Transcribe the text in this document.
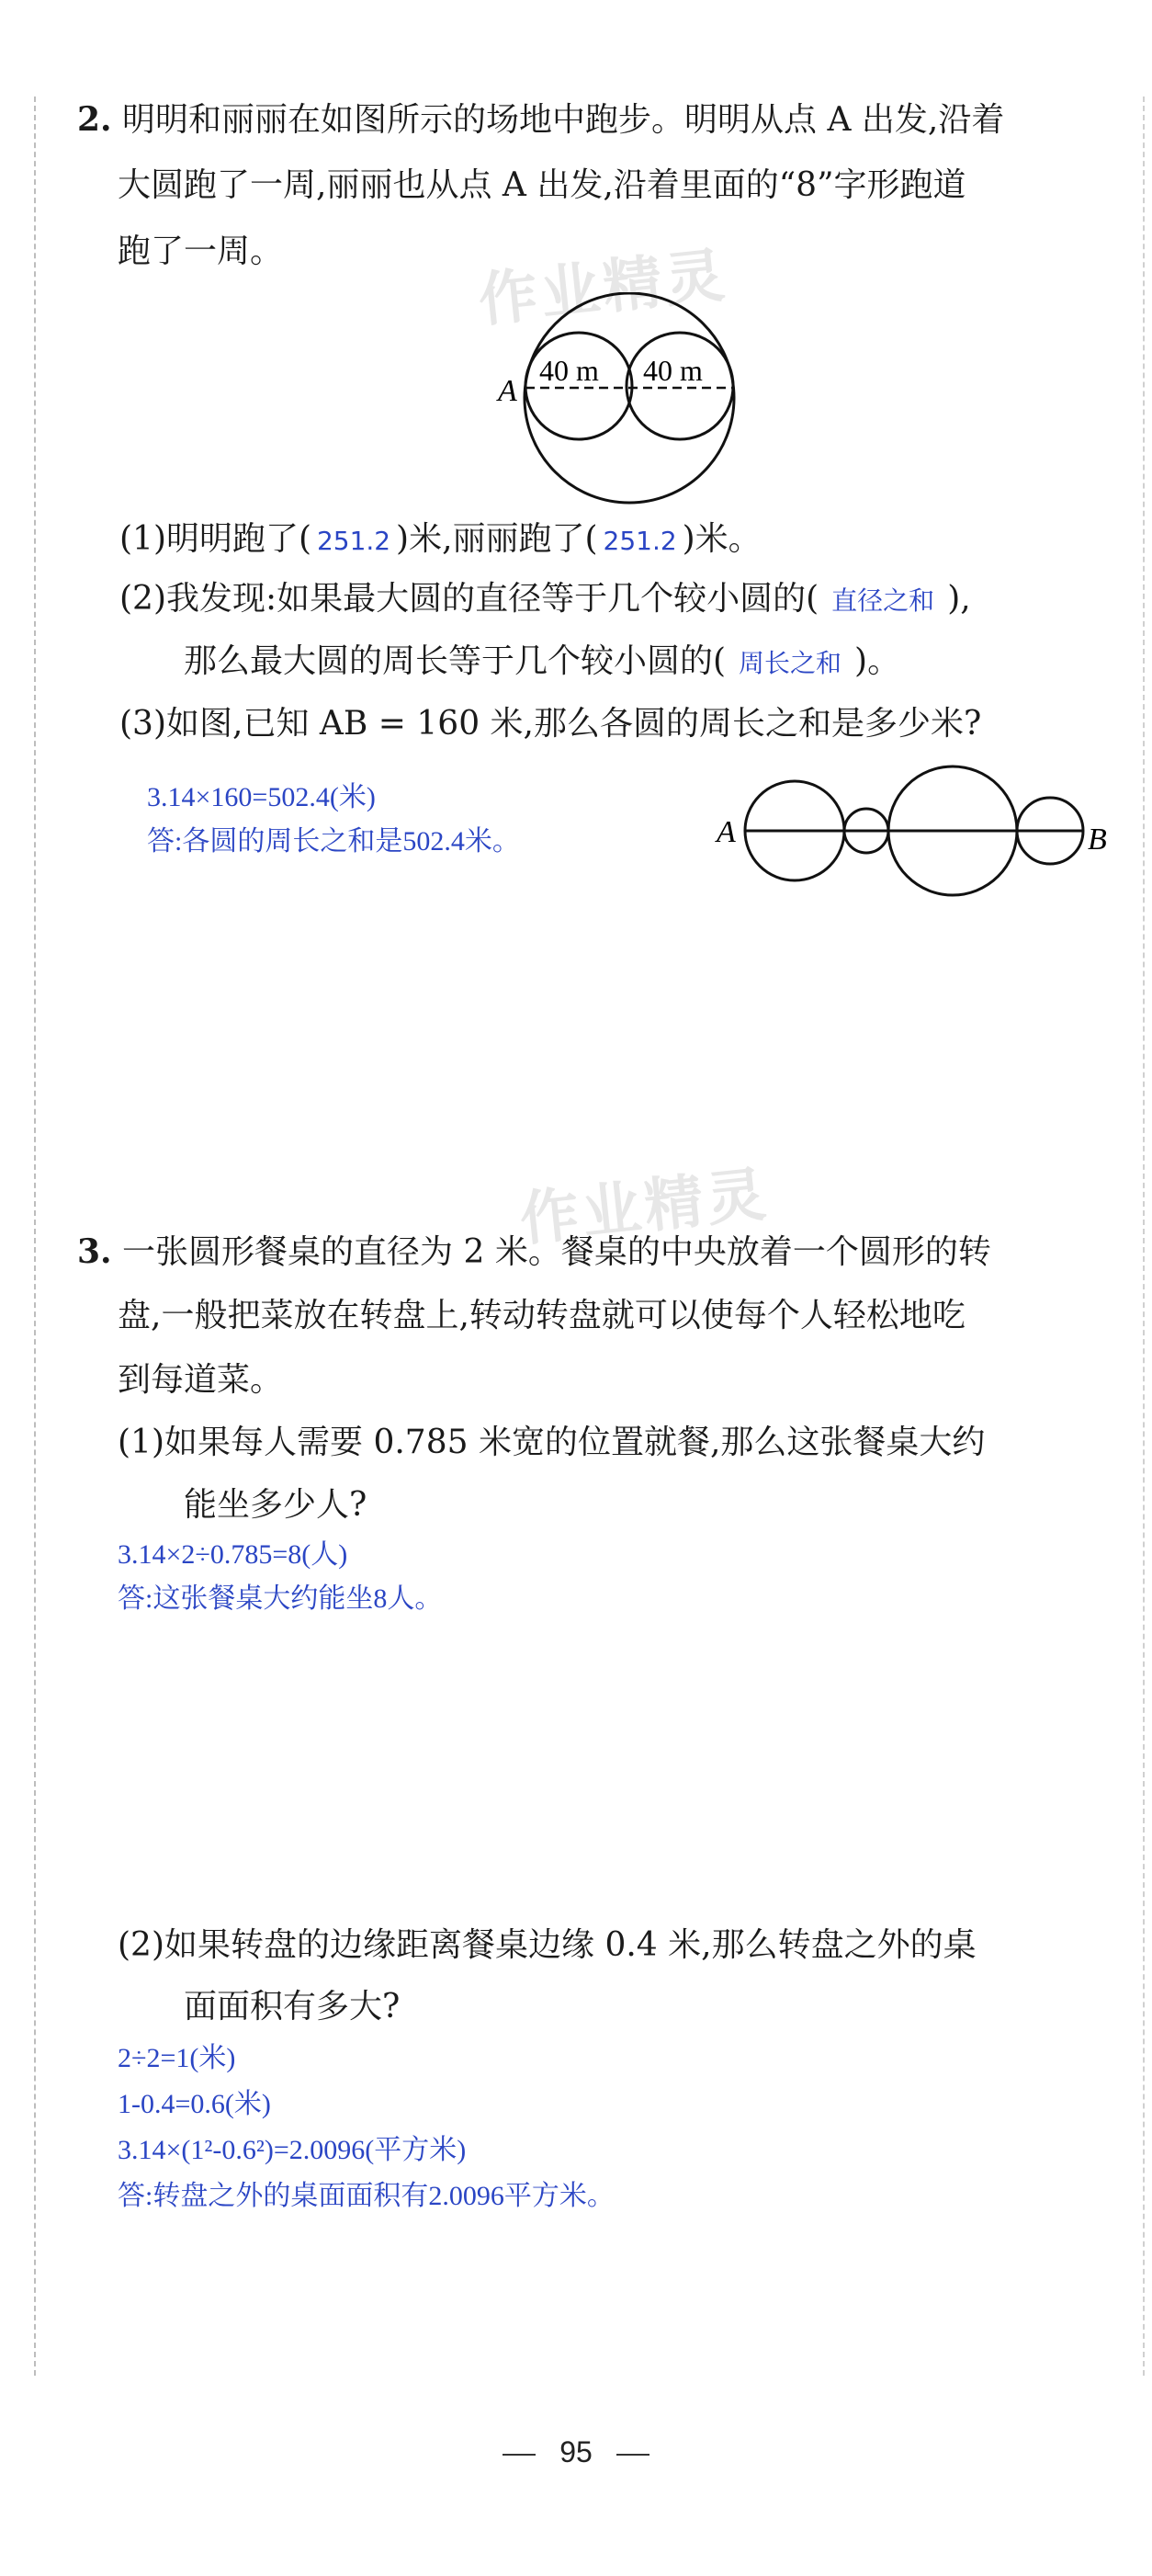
作业精灵
作业精灵
2. 明明和丽丽在如图所示的场地中跑步。明明从点 A 出发,沿着
大圆跑了一周,丽丽也从点 A 出发,沿着里面的“8”字形跑道
跑了一周。
A
40 m 40 m
(1)明明跑了( 251.2 )米,丽丽跑了( 251.2 )米。
(2)我发现:如果最大圆的直径等于几个较小圆的( 直径之和 ),
那么最大圆的周长等于几个较小圆的( 周长之和 )。
(3)如图,已知 AB = 160 米,那么各圆的周长之和是多少米?
3.14×160=502.4(米)
答:各圆的周长之和是502.4米。	A	B
3. 一张圆形餐桌的直径为 2 米。餐桌的中央放着一个圆形的转
盘,一般把菜放在转盘上,转动转盘就可以使每个人轻松地吃
到每道菜。
(1)如果每人需要 0.785 米宽的位置就餐,那么这张餐桌大约
能坐多少人?
3.14×2÷0.785=8(人)
答:这张餐桌大约能坐8人。
(2)如果转盘的边缘距离餐桌边缘 0.4 米,那么转盘之外的桌
面面积有多大?
2÷2=1(米)
1-0.4=0.6(米)
3.14×(1²-0.6²)=2.0096(平方米)
答:转盘之外的桌面面积有2.0096平方米。
95
